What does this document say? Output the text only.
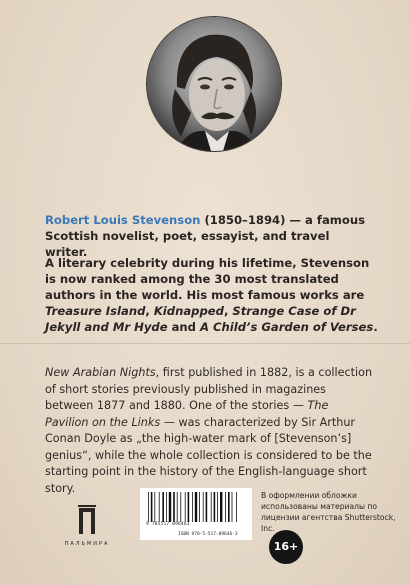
Robert Louis Stevenson (1850–1894) — a famous Scottish novelist, poet, essayist, and travel writer.

A literary celebrity during his lifetime, Stevenson is now ranked among the 30 most translated authors in the world. His most famous works are Treasure Island, Kidnapped, Strange Case of Dr Jekyll and Mr Hyde and A Child’s Garden of Verses.

New Arabian Nights, first published in 1882, is a collection of short stories previously published in magazines between 1877 and 1880. One of the stories — The Pavilion on the Links — was characterized by Sir Arthur Conan Doyle as „the high-water mark of [Stevenson’s] genius“, while the whole collection is considered to be the starting point in the history of the English-language short story.

ПАЛЬМИРА
9 785517 096463
ISBN 978-5-517-09646-3

В оформлении обложки использованы материалы по лицензии агентства Shutterstock, Inc.

16+
